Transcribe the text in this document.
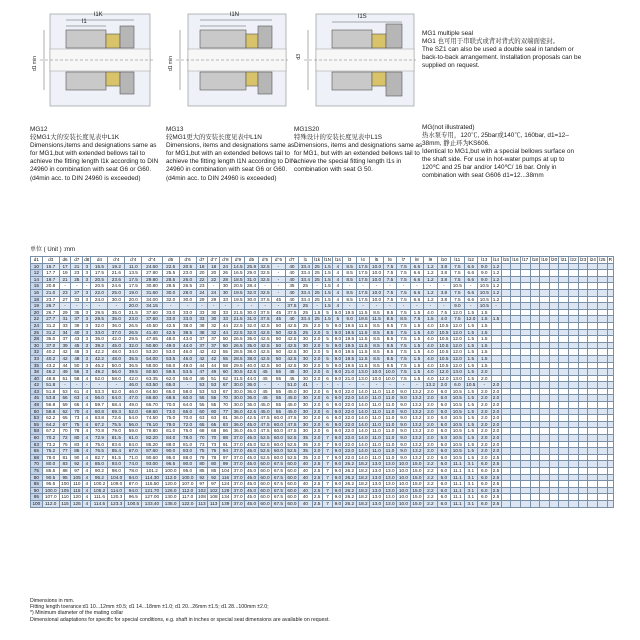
l1K
l1
d1 min
l1N
d1 min
l1S
d3
MG12
较MG1大的安装长度见表中L1K
Dimensions,items and designations same as for MG1,but with extended bellows tail to achieve the fitting length l1k according to DIN 24960 in combination with seat G6 or G60. (d4min acc. to DIN 24960 is exceeded)
MG13
较MG1更大的安装长度见表中L1N
Dimensions, items and designations same as for MG1,but with an extended bellows tail to achieve the fitting length l1N according to DIN 24960 in combination with seat G6 or G60. (d4min acc. to DIN 24960 is exceeded)
MG1S20
特殊设计的安装长度见表中L1S
Dimensions, items and designations same as for MG1, but with an extended bellows tail to achieve the special fitting length l1s in combination with seat G 50.
MG1 multiple seal
MG1 也可用于串联式或背对背式的双端面密封。
The SZ1 can also be used a double seal in tandem or back-to-back arrangement. Installation proposals can be supplied on request.
MG(not illustrated)
热水泵专用，120℃, 25bar或140℃, 160bar, d1=12–38mm, 静止环为KS606.
Identical to MG1,but with a special bellows surface on the shaft side. For use in hot-water pumps at up to 120℃ and 25 bar and/or 140℃/ 16 bar. Only in combination with seat G606 d1=12...38mm
单位 ( Unit ) :mm
d1	d3	d6	d7	d8	d4	d’4	d’4	d’’4	d5	d’6	d7	d’7	d’8	d’9	d5	d’5	d’’6	dT	l1	l1k	l1N	l1s	l3	l4	l5	l6	l7	l8	l9	l10	l11	l12	l13	l14	l15	l16	l17	l18	l19	l20	l21	l22	l23	l24	l25	R
10	15.7	17	21	3	15.5	19.2	11.0	24.60	22.5	20.5	18	18	24	14.5	25.9	32.5	-	40	33.4	25	1.5	4	8.5	17.5	10.0	7.5	7.5	6.6	1.2	3.8	7.5	6.6	9.0	1.2												
12	17.7	19	23	3	17.5	21.6	13.5	27.80	25.5	23.0	20	20	26	16.5	29.0	32.5	-	40	33.4	25	1.5	4	8.5	17.5	10.0	7.5	7.5	6.6	1.2	3.8	7.5	6.6	9.0	1.2												
14	19.7	21	25	3	20.5	23.6	17.5	29.80	28.5	26.0	22	22	28	18.5	31.0	32.5	-	40	33.4	25	1.5	4	8.5	17.5	10.0	7.5	7.5	6.6	1.2	3.8	7.5	6.6	9.0	1.2												
15	20.8	-	-	-	20.5	24.6	17.5	30.80	28.5	26.5	23	-	30	20.5	28.4	-	-	35	25	-	1.5	4	-	-	-	-	-	-	-	-	10.5	-	10.5	1.2												
16	21.0	23	27	3	22.0	25.0	19.0	31.60	30.0	28.0	24	24	30	19.5	32.0	32.5	-	40	33.4	25	1.5	4	8.5	17.5	10.0	7.5	7.5	6.6	1.2	3.8	7.5	6.6	10.5	1.2												
18	23.7	27	33	3	24.0	30.0	20.0	34.00	32.0	30.0	29	29	33	19.5	30.0	37.5	45	40	33.4	25	1.5	4	8.5	17.5	10.0	7.5	7.5	6.6	1.2	3.8	7.5	6.6	10.5	1.2												
19	26.7	-	-	-	-	-	20.0	34.15	-	-	-	-	-	-	-	-	-	37.5	25	-	1.5	4	-	-	-	-	-	-	-	-	9.0	-	10.5	-												
20	26.7	29	35	3	29.5	35.0	21.5	37.60	33.0	33.0	33	30	33	21.5	30.0	37.5	45	37.5	25	1.5	5	9.0	19.5	11.5	8.5	8.5	7.5	1.5	4.0	7.5	12.0	1.5	1.5													
22	27.7	31	37	3	29.5	35.0	23.0	37.60	33.0	33.0	33	30	33	21.5	31.0	37.5	45	40	33.4	25	1.5	5	9.0	19.5	11.5	8.5	8.5	7.5	1.5	4.0	7.5	12.0	1.5	1.5												
24	31.2	33	39	3	32.0	36.0	26.5	40.50	42.5	38.0	38	32	44	22.5	32.0	42.5	50	42.5	25	2.0	5	9.0	19.5	11.5	8.5	8.5	7.5	1.5	4.0	10.5	12.0	1.5	1.5													
25	31.2	34	40	3	33.0	37.0	26.5	41.40	42.5	38.5	38	32	44	22.5	32.0	42.5	50	42.5	25	2.0	5	9.0	19.5	11.5	8.5	8.5	7.5	1.5	4.0	10.5	12.0	1.5	1.5													
28	35.0	37	43	3	36.0	42.0	29.5	47.65	48.0	43.0	37	37	50	26.5	35.0	42.5	50	42.5	30	2.0	5	9.0	19.5	11.5	8.5	8.5	7.5	1.5	4.0	10.5	12.0	1.5	1.5													
30	37.0	39	45	3	39.2	45.0	32.0	50.80	49.0	44.0	37	37	50	26.5	35.0	42.5	50	42.5	30	2.0	5	9.0	19.5	11.5	8.5	8.5	7.5	1.5	4.0	10.5	12.0	1.5	1.5													
32	40.2	42	48	3	42.2	48.0	34.0	53.20	53.0	46.0	42	42	55	28.5	38.0	42.5	50	42.5	30	2.0	5	9.0	19.5	11.5	8.5	8.5	7.5	1.5	4.0	10.5	12.0	1.5	1.5													
33	40.2	42	48	3	42.2	48.0	35.5	54.00	53.5	46.0	42	42	55	28.5	38.0	42.5	50	42.5	30	2.0	5	9.0	19.5	11.5	8.5	8.5	7.5	1.5	4.0	10.5	12.0	1.5	1.5													
35	43.2	44	50	3	46.2	50.0	36.5	58.00	56.0	49.0	44	44	58	29.5	40.0	42.5	50	42.5	30	2.0	5	9.0	19.5	11.5	8.5	8.5	7.5	1.5	4.0	10.5	12.0	1.5	1.5													
38	46.2	49	56	3	49.2	56.0	39.5	60.50	59.5	53.5	47	49	60	30.5	42.5	45	55	45	30	2.0	6	9.0	21.0	13.0	10.0	10.0	7.5	1.5	4.0	12.0	13.0	1.5	2.0													
40	48.8	51	58	4	52.0	58.0	42.0	63.35	62.0	55.0	49	51	62	31.5	44.0	45	55	45	30	2.0	6	9.0	21.0	13.0	10.0	10.0	7.5	1.5	4.0	12.0	13.0	1.5	2.0													
42	51.8	-	-	-	-	-	46.0	63.50	65.0	-	53	53	67	30.0	36.0	-	-	51.0	41	-	-	-	-	-	-	-	-	-	13.2	2.0	6.0	10.5	-	2.0												
43	51.8	53	61	4	53.3	62.0	46.0	64.50	65.0	58.0	53	53	67	30.0	36.0	45	55	45.0	30	2.0	6	9.0	22.0	14.0	11.0	11.0	9.0	13.2	2.0	6.0	10.5	1.5	2.0	2.0												
45	53.8	56	63	4	56.0	64.0	47.0	66.60	68.5	60.0	55	55	70	30.0	36.0	45	55	45.0	30	2.0	6	9.0	22.0	14.0	11.0	11.0	9.0	13.2	2.0	6.0	10.5	1.5	2.0	2.0												
48	56.8	59	66	4	59.7	68.4	49.0	66.70	70.0	64.0	55	55	70	30.0	36.0	45.0	55	45.0	30	2.0	6	9.0	22.0	14.0	11.0	11.0	9.0	13.2	2.0	6.0	10.5	1.5	2.0	2.0												
50	58.8	62	70	4	60.8	69.3	52.0	69.60	73.0	66.0	60	60	77	36.0	42.5	45.0	55	45.0	30	2.0	6	9.0	22.0	14.0	11.0	11.0	9.0	13.2	2.0	6.0	10.5	1.5	2.0	2.0												
53	62.2	65	73	4	63.8	72.6	54.0	74.50	75.0	70.0	63	63	81	36.0	42.5	47.5	60.0	47.5	30	2.0	6	9.0	22.0	14.0	11.0	11.0	9.0	13.2	2.0	6.0	10.5	1.5	2.0	2.0												
55	64.2	67	75	4	67.2	75.5	56.0	76.10	78.0	72.0	65	65	83	36.0	45.0	47.5	60.0	47.5	30	2.0	6	9.0	22.0	14.0	11.0	11.0	9.0	13.2	2.0	6.0	10.5	1.5	2.0	2.0												
58	67.2	70	78	4	70.8	79.0	59.0	79.80	81.0	76.0	68	68	86	36.0	45.0	47.5	60.0	47.5	30	2.0	6	9.0	22.0	14.0	11.0	11.0	9.0	13.2	2.0	6.0	10.5	1.5	2.0	2.0												
60	70.2	72	80	4	72.9	81.5	61.0	82.20	84.0	78.0	70	70	88	37.0	45.0	52.5	60.0	52.5	35	2.0	7	9.0	22.0	14.0	11.0	11.0	9.0	13.2	2.0	6.0	10.5	1.5	2.0	2.0												
63	73.2	75	83	4	75.0	83.6	64.0	85.20	88.0	81.0	73	73	91	37.0	45.0	52.5	60.0	52.5	35	2.0	7	9.0	22.0	14.0	11.0	11.0	9.0	13.2	2.0	6.0	10.5	1.5	2.0	2.0												
65	75.2	77	85	4	76.5	85.4	67.0	87.60	90.0	83.0	75	75	94	37.0	45.0	52.5	60.0	52.5	35	2.0	7	9.0	22.0	14.0	11.0	11.0	9.0	13.2	2.0	6.0	10.5	1.5	2.0	2.0												
68	78.0	81	90	4	82.7	91.5	71.0	90.60	95.0	88.0	78	78	97	37.0	45.0	52.5	60.0	52.5	35	2.0	7	9.0	22.0	14.0	11.0	11.0	9.0	13.2	2.0	6.0	10.5	1.5	2.0	2.5												
70	80.0	83	92	4	85.0	93.0	74.0	93.00	96.5	90.0	80	80	99	37.0	45.0	60.0	67.5	60.0	40	2.5	7	9.0	26.2	18.2	13.0	13.0	10.0	15.0	2.2	6.0	11.1	3.1	6.0	2.5												
75	85.5	88	97	4	90.2	98.0	78.0	101.2	100.0	95.0	85	85	104	37.0	45.0	60.0	67.5	60.0	40	2.5	7	9.0	26.2	18.2	13.0	13.0	10.0	15.0	2.2	6.0	11.1	3.1	6.0	2.5												
80	90.5	95	105	4	95.2	104.0	84.0	114.30	112.0	100.0	92	92	116	37.0	45.0	60.0	67.5	60.0	40	2.5	7	9.0	26.2	18.2	13.0	13.0	10.0	15.0	2.2	6.0	11.1	3.1	6.0	2.5												
85	95.5	100	110	4	100.2	109.0	87.0	115.50	120.0	107.0	97	97	124	37.0	45.0	60.0	67.5	60.0	40	2.5	7	9.0	26.2	18.2	13.0	13.0	10.0	15.0	2.2	6.0	11.1	3.1	6.0	2.5												
90	100.0	105	115	4	105.2	114.0	94.0	121.70	126.0	112.0	102	102	129	37.0	45.0	60.0	67.5	60.0	40	2.5	7	9.0	26.2	18.2	13.0	13.0	10.0	15.0	2.2	6.0	11.1	3.1	6.0	2.5												
95	107.0	110	120	4	111.6	120.3	96.5	127.00	130.0	117.0	108	108	134	37.0	45.0	60.0	67.5	60.0	40	2.5	7	9.0	26.2	18.2	13.0	13.0	10.0	15.0	2.2	6.0	11.1	3.1	6.0	2.5												
100	112.0	115	125	4	114.5	123.3	100.5	133.40	135.0	122.0	113	113	139	37.0	45.0	60.0	67.5	60.0	40	2.5	7	9.0	26.2	18.2	13.0	13.0	10.0	15.0	2.2	6.0	11.1	3.1	6.0	2.5												
Dimensions in mm.
Fitting length toerance:d1 10...12mm ±0.5; d1 14...18mm ±1.0; d1 20...26mm ±1.5; d1 28...100mm ±2.0;
*) Minimum diameter of the mating collar
Dimensional adaptations for specific for special conditions, e.g. shaft in inches or special seat dimensions are available on request.
